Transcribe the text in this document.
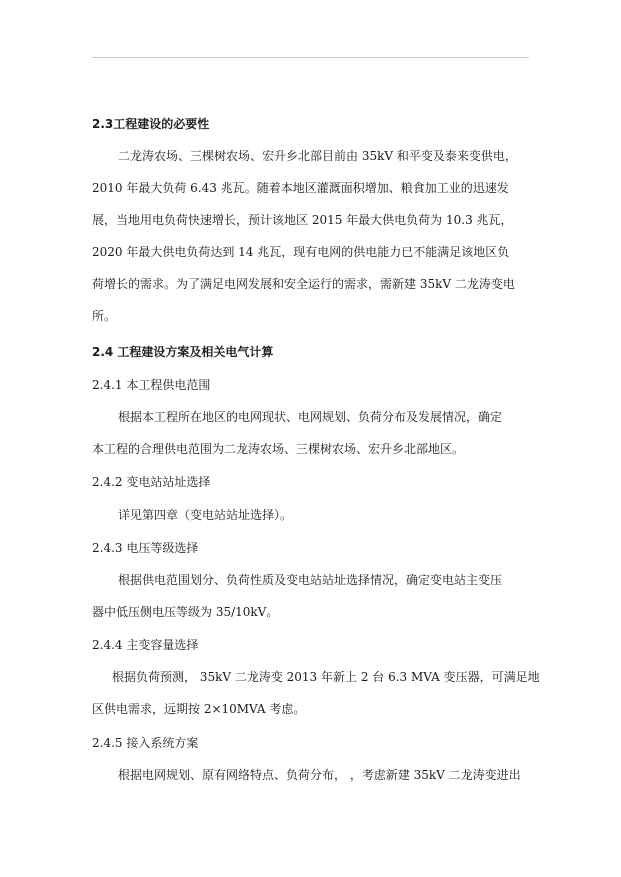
2.3工程建设的必要性
二龙涛农场、三棵树农场、宏升乡北部目前由 35kV 和平变及泰来变供电，
2010 年最大负荷 6.43 兆瓦。随着本地区灌溉面积增加、粮食加工业的迅速发
展，当地用电负荷快速增长，预计该地区 2015 年最大供电负荷为 10.3 兆瓦，
2020 年最大供电负荷达到 14 兆瓦，现有电网的供电能力已不能满足该地区负
荷增长的需求。为了满足电网发展和安全运行的需求，需新建 35kV 二龙涛变电
所。
2.4 工程建设方案及相关电气计算
2.4.1 本工程供电范围
根据本工程所在地区的电网现状、电网规划、负荷分布及发展情况，确定
本工程的合理供电范围为二龙涛农场、三棵树农场、宏升乡北部地区。
2.4.2 变电站站址选择
详见第四章（变电站站址选择）。
2.4.3 电压等级选择
根据供电范围划分、负荷性质及变电站站址选择情况，确定变电站主变压
器中低压侧电压等级为 35/10kV。
2.4.4 主变容量选择
根据负荷预测， 35kV 二龙涛变 2013 年新上 2 台 6.3 MVA 变压器，可满足地
区供电需求，远期按 2×10MVA 考虑。
2.4.5 接入系统方案
根据电网规划、原有网络特点、负荷分布， ，考虑新建 35kV 二龙涛变进出
